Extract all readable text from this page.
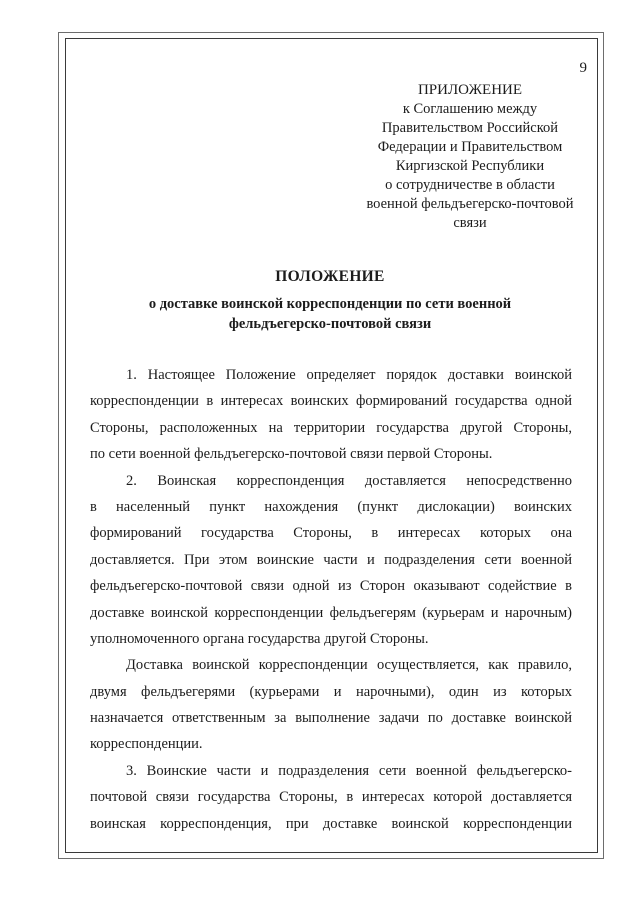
9
ПРИЛОЖЕНИЕ
к Соглашению между
Правительством Российской
Федерации и Правительством
Киргизской Республики
о сотрудничестве в области
военной фельдъегерско-почтовой
связи
ПОЛОЖЕНИЕ
о доставке воинской корреспонденции по сети военной
фельдъегерско-почтовой связи
1. Настоящее Положение определяет порядок доставки воинской
корреспонденции в интересах воинских формирований государства одной
Стороны, расположенных на территории государства другой Стороны,
по сети военной фельдъегерско-почтовой связи первой Стороны.
2. Воинская корреспонденция доставляется непосредственно
в населенный пункт нахождения (пункт дислокации) воинских
формирований государства Стороны, в интересах которых она
доставляется. При этом воинские части и подразделения сети военной
фельдъегерско-почтовой связи одной из Сторон оказывают содействие в
доставке воинской корреспонденции фельдъегерям (курьерам и нарочным)
уполномоченного органа государства другой Стороны.
Доставка воинской корреспонденции осуществляется, как правило,
двумя фельдъегерями (курьерами и нарочными), один из которых
назначается ответственным за выполнение задачи по доставке воинской
корреспонденции.
3. Воинские части и подразделения сети военной фельдъегерско-
почтовой связи государства Стороны, в интересах которой доставляется
воинская корреспонденция, при доставке воинской корреспонденции
